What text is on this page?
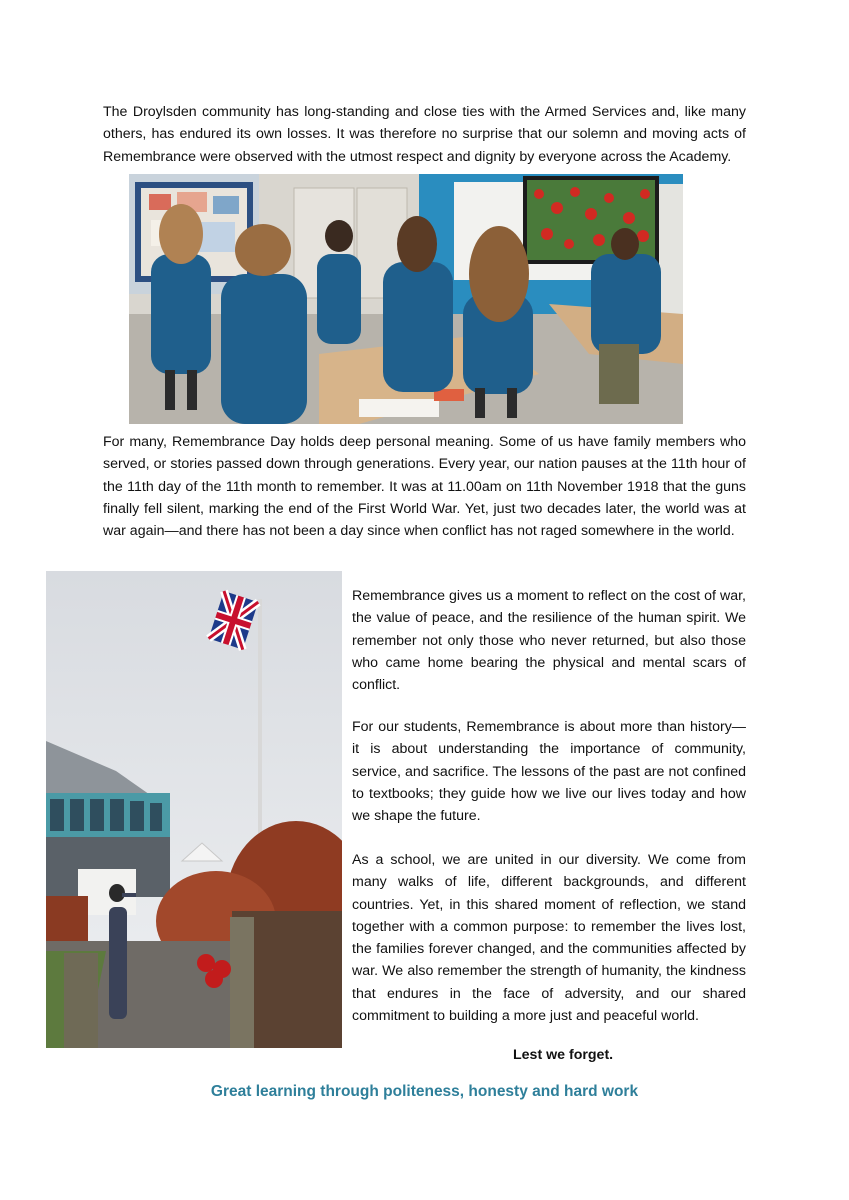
The Droylsden community has long-standing and close ties with the Armed Services and, like many others, has endured its own losses. It was therefore no surprise that our solemn and moving acts of Remembrance were observed with the utmost respect and dignity by everyone across the Academy.

For many, Remembrance Day holds deep personal meaning. Some of us have family members who served, or stories passed down through generations. Every year, our nation pauses at the 11th hour of the 11th day of the 11th month to remember. It was at 11.00am on 11th November 1918 that the guns finally fell silent, marking the end of the First World War. Yet, just two decades later, the world was at war again—and there has not been a day since when conflict has not raged somewhere in the world.

Remembrance gives us a moment to reflect on the cost of war, the value of peace, and the resilience of the human spirit. We remember not only those who never returned, but also those who came home bearing the physical and mental scars of conflict.

For our students, Remembrance is about more than history— it is about understanding the importance of community, service, and sacrifice. The lessons of the past are not confined to textbooks; they guide how we live our lives today and how we shape the future.

As a school, we are united in our diversity. We come from many walks of life, different backgrounds, and different countries. Yet, in this shared moment of reflection, we stand together with a common purpose: to remember the lives lost, the families forever changed, and the communities affected by war. We also remember the strength of humanity, the kindness that endures in the face of adversity, and our shared commitment to building a more just and peaceful world.

Lest we forget.

Great learning through politeness, honesty and hard work
